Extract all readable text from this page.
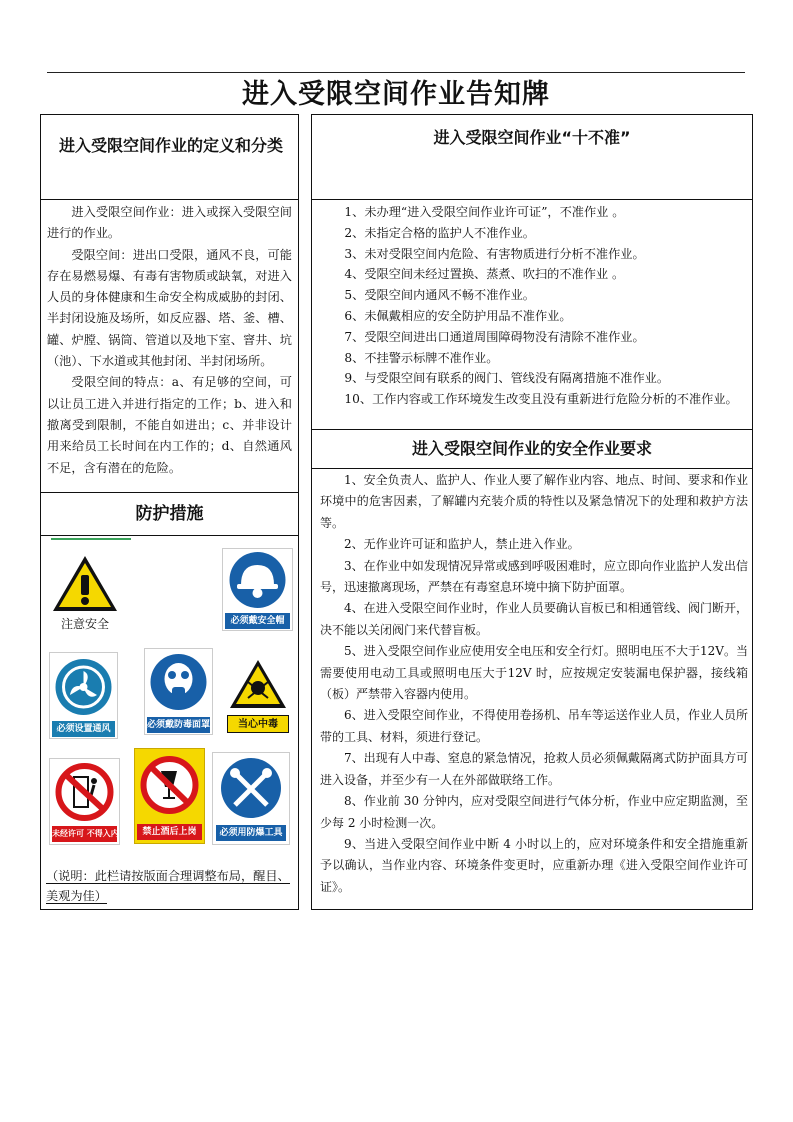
进入受限空间作业告知牌
进入受限空间作业的定义和分类	进入受限空间作业“十不准”

进入受限空间作业：进入或探入受限空间进行的作业。

受限空间：进出口受限，通风不良，可能存在易燃易爆、有毒有害物质或缺氧，对进入人员的身体健康和生命安全构成威胁的封闭、半封闭设施及场所，如反应器、塔、釜、槽、罐、炉膛、锅筒、管道以及地下室、窨井、坑（池）、下水道或其他封闭、半封闭场所。

受限空间的特点：a、有足够的空间，可以让员工进入并进行指定的工作；b、进入和撤离受到限制，不能自如进出；c、并非设计用来给员工长时间在内工作的；d、自然通风不足，含有潜在的危险。

1、未办理“进入受限空间作业许可证”，不准作业 。
2、未指定合格的监护人不准作业。
3、未对受限空间内危险、有害物质进行分析不准作业。
4、受限空间未经过置换、蒸煮、吹扫的不准作业 。
5、受限空间内通风不畅不准作业。
6、未佩戴相应的安全防护用品不准作业。
7、受限空间进出口通道周围障碍物没有清除不准作业。
8、不挂警示标牌不准作业。
9、与受限空间有联系的阀门、管线没有隔离措施不准作业。
10、工作内容或工作环境发生改变且没有重新进行危险分析的不准作业。
进入受限空间作业的安全作业要求
1、安全负责人、监护人、作业人要了解作业内容、地点、时间、要求和作业环境中的危害因素，了解罐内充装介质的特性以及紧急情况下的处理和救护方法等。
2、无作业许可证和监护人，禁止进入作业。
3、在作业中如发现情况异常或感到呼吸困难时，应立即向作业监护人发出信号，迅速撤离现场，严禁在有毒窒息环境中摘下防护面罩。
4、在进入受限空间作业时，作业人员要确认盲板已和相通管线、阀门断开，决不能以关闭阀门来代替盲板。
5、进入受限空间作业应使用安全电压和安全行灯。照明电压不大于12V。当需要使用电动工具或照明电压大于12V 时，应按规定安装漏电保护器，接线箱（板）严禁带入容器内使用。
6、进入受限空间作业，不得使用卷扬机、吊车等运送作业人员，作业人员所带的工具、材料，须进行登记。
7、出现有人中毒、窒息的紧急情况，抢救人员必须佩戴隔离式防护面具方可进入设备，并至少有一人在外部做联络工作。
8、作业前 30 分钟内，应对受限空间进行气体分析，作业中应定期监测，至少每 2 小时检测一次。
9、当进入受限空间作业中断 4 小时以上的，应对环境条件和安全措施重新予以确认，当作业内容、环境条件变更时，应重新办理《进入受限空间作业许可证》。
防护措施
注意安全	必须戴安全帽
必须设置通风	必须戴防毒面罩	当心中毒
未经许可 不得入内	禁止酒后上岗	必须用防爆工具
（说明：此栏请按版面合理调整布局，醒目、美观为佳）
